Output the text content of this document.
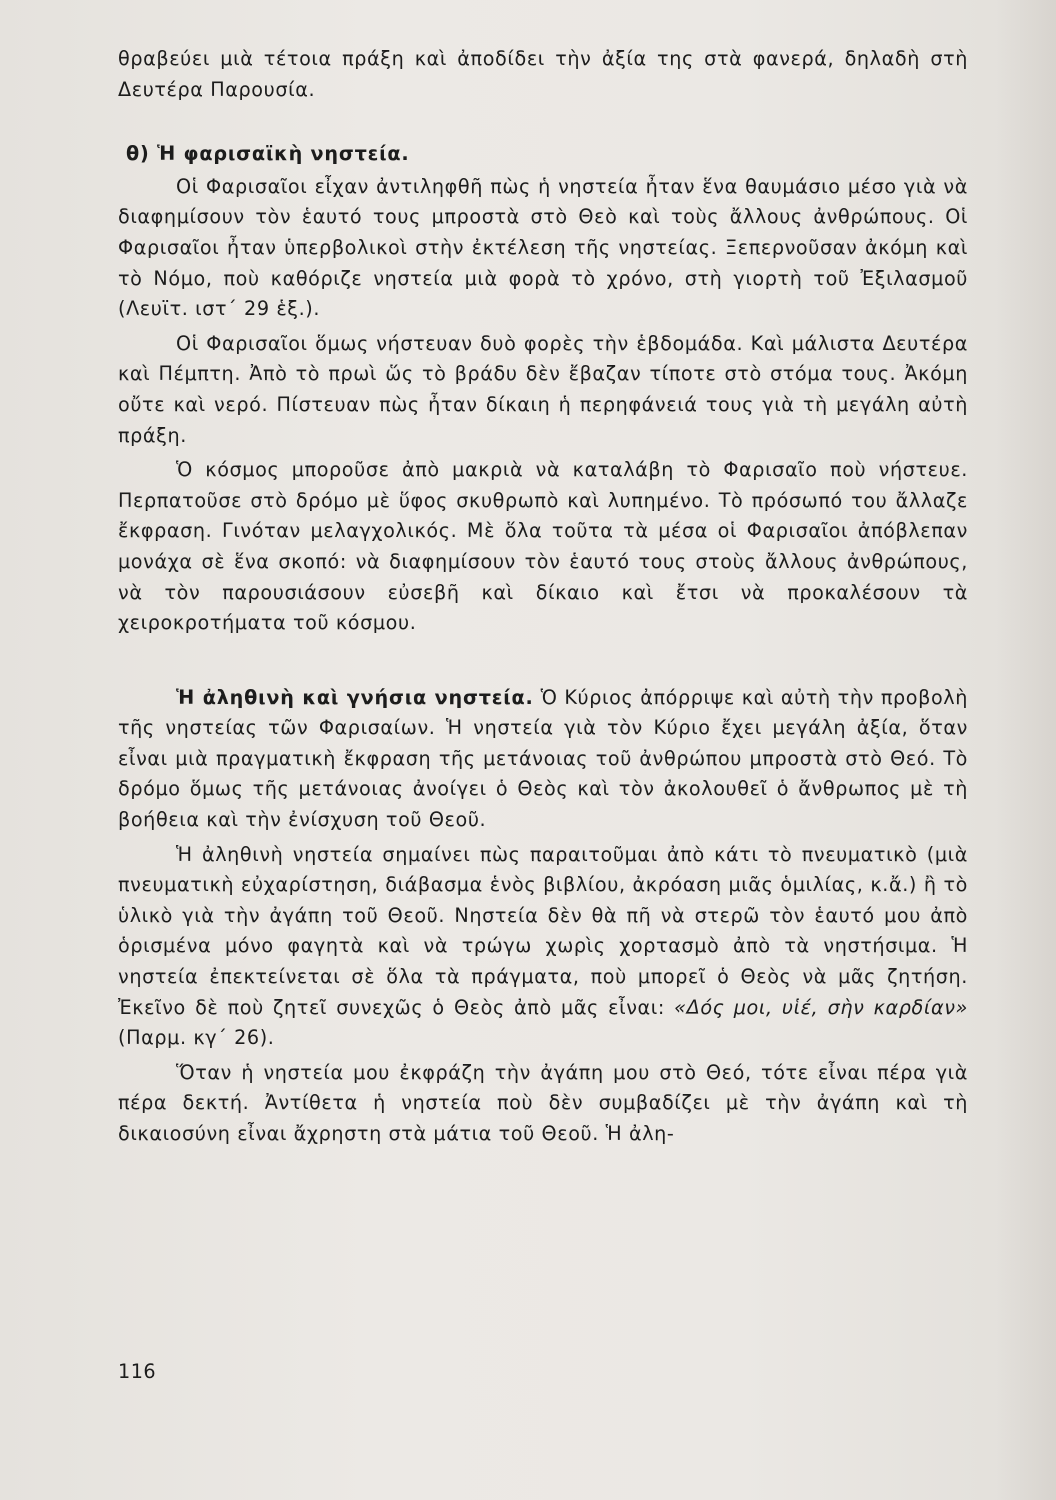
θραβεύει μιὰ τέτοια πράξη καὶ ἀποδίδει τὴν ἀξία της στὰ φανερά, δηλαδὴ στὴ Δευτέρα Παρουσία.

θ) Ἡ φαρισαϊκὴ νηστεία.

Οἱ Φαρισαῖοι εἶχαν ἀντιληφθῆ πὼς ἡ νηστεία ἦταν ἕνα θαυμάσιο μέσο γιὰ νὰ διαφημίσουν τὸν ἑαυτό τους μπροστὰ στὸ Θεὸ καὶ τοὺς ἄλλους ἀνθρώπους. Οἱ Φαρισαῖοι ἦταν ὑπερβολικοὶ στὴν ἐκτέλεση τῆς νηστείας. Ξεπερνοῦσαν ἀκόμη καὶ τὸ Νόμο, ποὺ καθόριζε νηστεία μιὰ φορὰ τὸ χρόνο, στὴ γιορτὴ τοῦ Ἐξιλασμοῦ (Λευϊτ. ιστ΄ 29 ἑξ.).

Οἱ Φαρισαῖοι ὅμως νήστευαν δυὸ φορὲς τὴν ἑβδομάδα. Καὶ μάλιστα Δευτέρα καὶ Πέμπτη. Ἀπὸ τὸ πρωὶ ὥς τὸ βράδυ δὲν ἔβαζαν τίποτε στὸ στόμα τους. Ἀκόμη οὔτε καὶ νερό. Πίστευαν πὼς ἦταν δίκαιη ἡ περηφάνειά τους γιὰ τὴ μεγάλη αὐτὴ πράξη.

Ὁ κόσμος μποροῦσε ἀπὸ μακριὰ νὰ καταλάβη τὸ Φαρισαῖο ποὺ νήστευε. Περπατοῦσε στὸ δρόμο μὲ ὕφος σκυθρωπὸ καὶ λυπημένο. Τὸ πρόσωπό του ἄλλαζε ἔκφραση. Γινόταν μελαγχολικός. Μὲ ὅλα τοῦτα τὰ μέσα οἱ Φαρισαῖοι ἀπόβλεπαν μονάχα σὲ ἕνα σκοπό: νὰ διαφημίσουν τὸν ἑαυτό τους στοὺς ἄλλους ἀνθρώπους, νὰ τὸν παρουσιάσουν εὐσεβῆ καὶ δίκαιο καὶ ἔτσι νὰ προκαλέσουν τὰ χειροκροτήματα τοῦ κόσμου.

Ἡ ἀληθινὴ καὶ γνήσια νηστεία. Ὁ Κύριος ἀπόρριψε καὶ αὐτὴ τὴν προβολὴ τῆς νηστείας τῶν Φαρισαίων. Ἡ νηστεία γιὰ τὸν Κύριο ἔχει μεγάλη ἀξία, ὅταν εἶναι μιὰ πραγματικὴ ἔκφραση τῆς μετάνοιας τοῦ ἀνθρώπου μπροστὰ στὸ Θεό. Τὸ δρόμο ὅμως τῆς μετάνοιας ἀνοίγει ὁ Θεὸς καὶ τὸν ἀκολουθεῖ ὁ ἄνθρωπος μὲ τὴ βοήθεια καὶ τὴν ἐνίσχυση τοῦ Θεοῦ.

Ἡ ἀληθινὴ νηστεία σημαίνει πὼς παραιτοῦμαι ἀπὸ κάτι τὸ πνευματικὸ (μιὰ πνευματικὴ εὐχαρίστηση, διάβασμα ἑνὸς βιβλίου, ἀκρόαση μιᾶς ὁμιλίας, κ.ἄ.) ἢ τὸ ὑλικὸ γιὰ τὴν ἀγάπη τοῦ Θεοῦ. Νηστεία δὲν θὰ πῆ νὰ στερῶ τὸν ἑαυτό μου ἀπὸ ὁρισμένα μόνο φαγητὰ καὶ νὰ τρώγω χωρὶς χορτασμὸ ἀπὸ τὰ νηστήσιμα. Ἡ νηστεία ἐπεκτείνεται σὲ ὅλα τὰ πράγματα, ποὺ μπορεῖ ὁ Θεὸς νὰ μᾶς ζητήση. Ἐκεῖνο δὲ ποὺ ζητεῖ συνεχῶς ὁ Θεὸς ἀπὸ μᾶς εἶναι: «Δός μοι, υἱέ, σὴν καρδίαν» (Παρμ. κγ΄ 26).

Ὅταν ἡ νηστεία μου ἐκφράζη τὴν ἀγάπη μου στὸ Θεό, τότε εἶναι πέρα γιὰ πέρα δεκτή. Ἀντίθετα ἡ νηστεία ποὺ δὲν συμβαδίζει μὲ τὴν ἀγάπη καὶ τὴ δικαιοσύνη εἶναι ἄχρηστη στὰ μάτια τοῦ Θεοῦ. Ἡ ἀλη-

116
